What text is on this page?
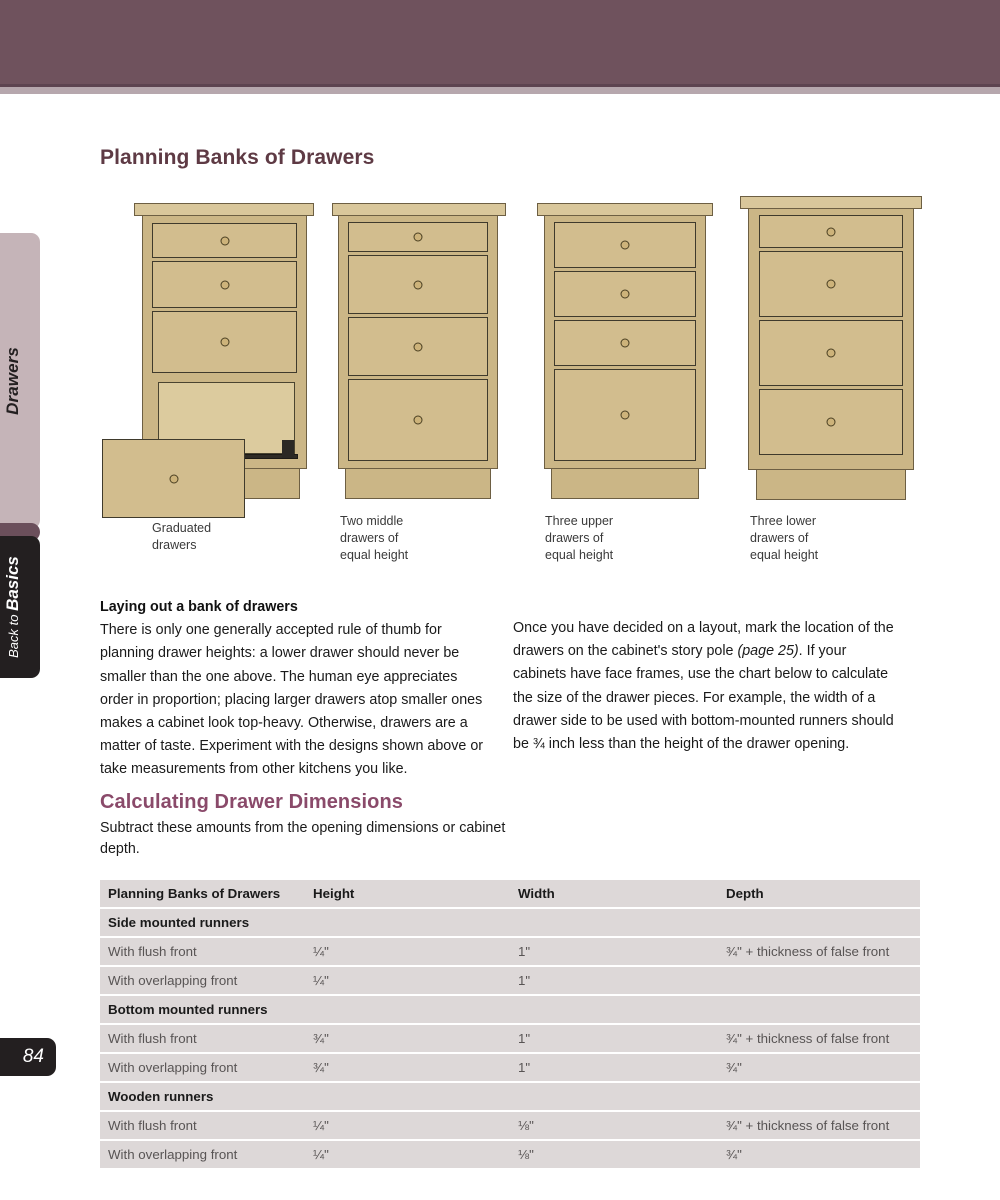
Drawers
Back to Basics
84
Planning Banks of Drawers
Graduated
drawers
Two middle
drawers of
equal height
Three upper
drawers of
equal height
Three lower
drawers of
equal height
Laying out a bank of drawers

There is only one generally accepted rule of thumb for planning drawer heights: a lower drawer should never be smaller than the one above. The human eye appreciates order in proportion; placing larger drawers atop smaller ones makes a cabinet look top-heavy. Otherwise, drawers are a matter of taste. Experiment with the designs shown above or take measurements from other kitchens you like.

Once you have decided on a layout, mark the location of the drawers on the cabinet's story pole (page 25). If your cabinets have face frames, use the chart below to calculate the size of the drawer pieces. For example, the width of a drawer side to be used with bottom-mounted runners should be ¾ inch less than the height of the drawer opening.

Calculating Drawer Dimensions
Subtract these amounts from the opening dimensions or cabinet depth.
Planning Banks of Drawers	Height	Width	Depth
Side mounted runners			
With flush front	¼"	1"	¾" + thickness of false front
With overlapping front	¼"	1"	
Bottom mounted runners			
With flush front	¾"	1"	¾" + thickness of false front
With overlapping front	¾"	1"	¾"
Wooden runners			
With flush front	¼"	⅛"	¾" + thickness of false front
With overlapping front	¼"	⅛"	¾"
